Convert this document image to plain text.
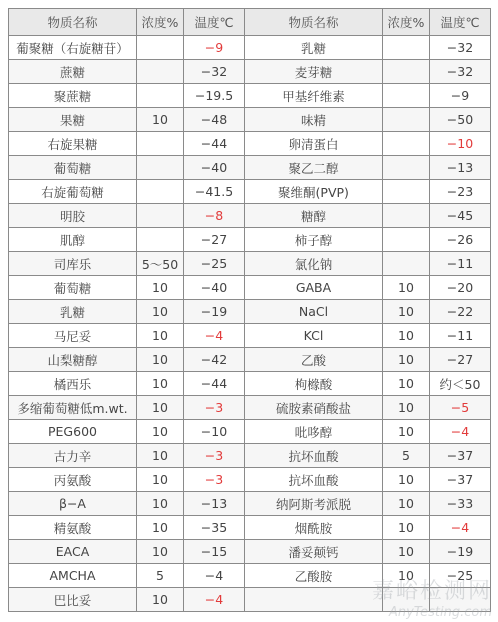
物质名称	浓度%	温度℃	物质名称	浓度%	温度℃
葡聚糖（右旋糖苷）		−9	乳糖		−32
蔗糖		−32	麦芽糖		−32
聚蔗糖		−19.5	甲基纤维素		−9
果糖	10	−48	味精		−50
右旋果糖		−44	卵清蛋白		−10
葡萄糖		−40	聚乙二醇		−13
右旋葡萄糖		−41.5	聚维酮(PVP)		−23
明胶		−8	糖醇		−45
肌醇		−27	柿子醇		−26
司库乐	5～50	−25	氯化钠		−11
葡萄糖	10	−40	GABA	10	−20
乳糖	10	−19	NaCl	10	−22
马尼妥	10	−4	KCl	10	−11
山梨糖醇	10	−42	乙酸	10	−27
橘西乐	10	−44	枸橼酸	10	约＜50
多缩葡萄糖低m.wt.	10	−3	硫胺素硝酸盐	10	−5
PEG600	10	−10	吡哆醇	10	−4
古力辛	10	−3	抗坏血酸	5	−37
丙氨酸	10	−3	抗坏血酸	10	−37
β−A	10	−13	纳阿斯考派脱	10	−33
精氨酸	10	−35	烟酰胺	10	−4
EACA	10	−15	潘妥颠钙	10	−19
AMCHA	5	−4	乙酸胺	10	−25
巴比妥	10	−4				嘉峪检测网
AnyTesting.com
